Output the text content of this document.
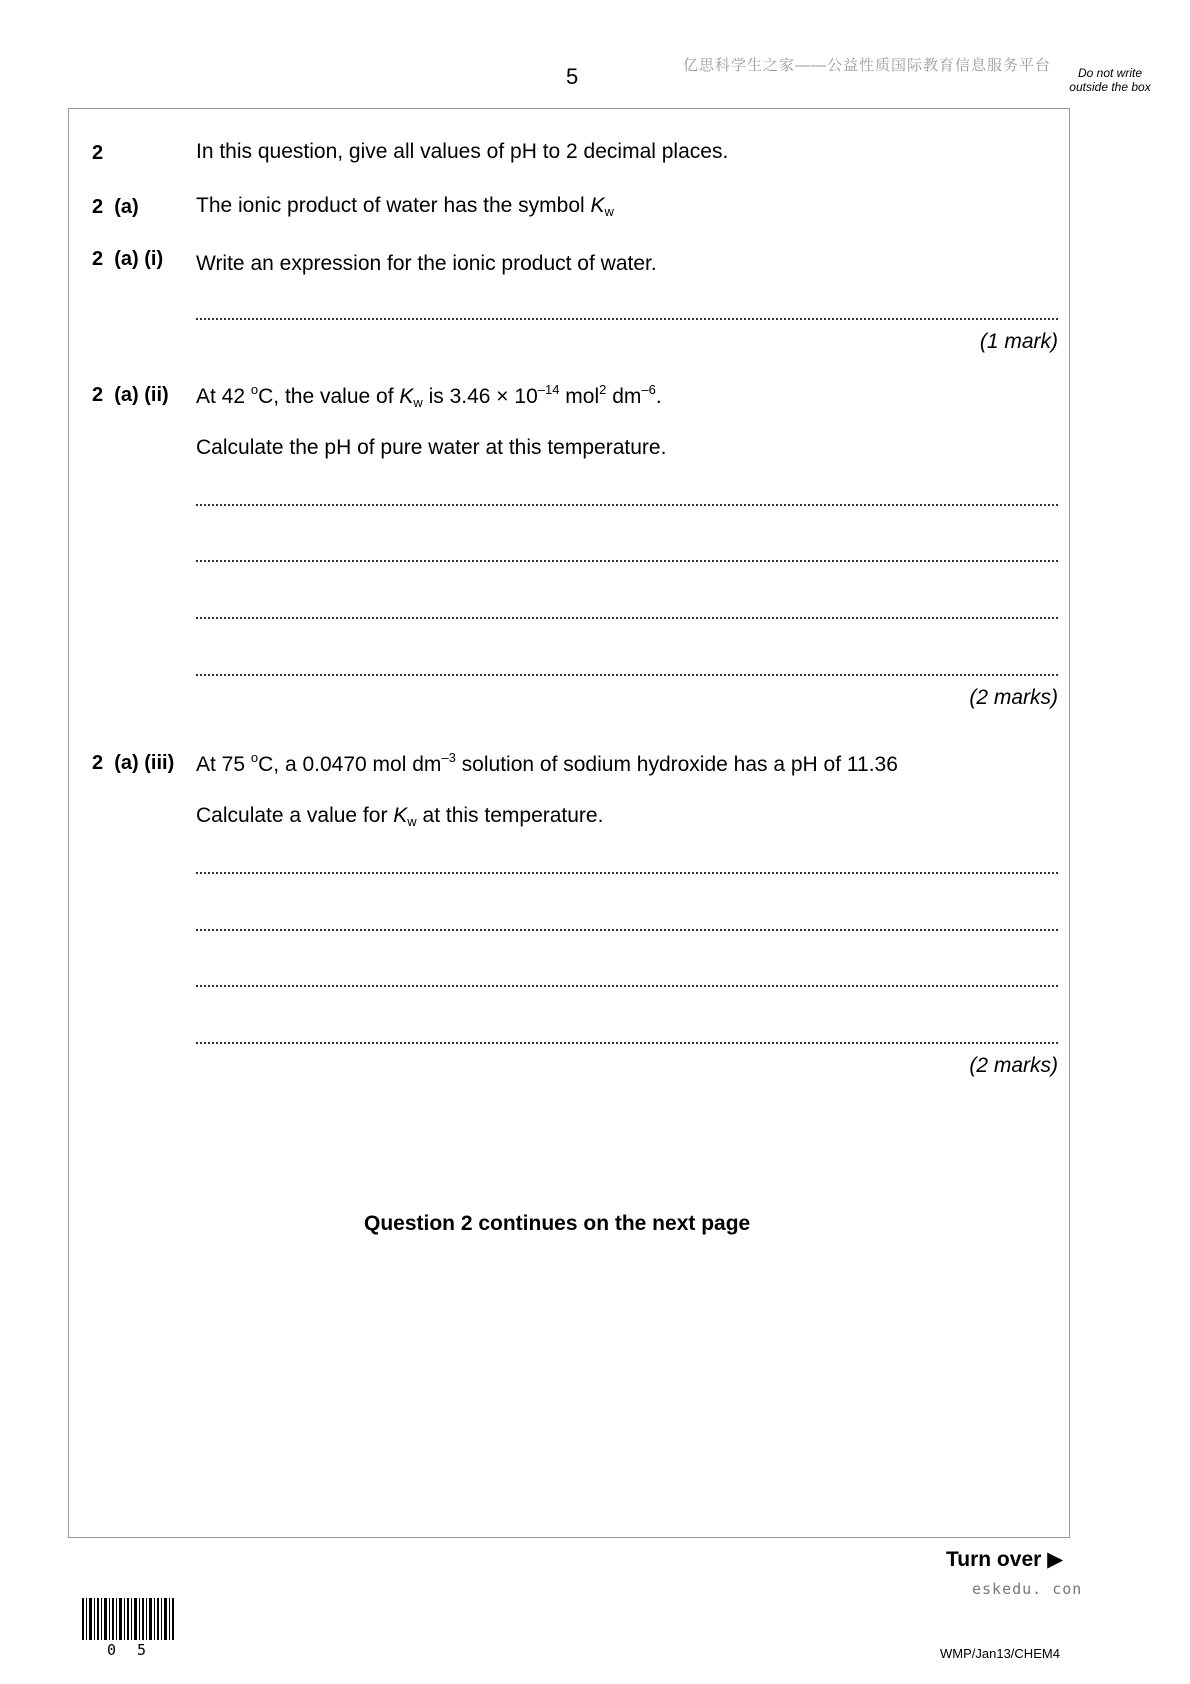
5	亿思科学生之家——公益性质国际教育信息服务平台	Do not write outside the box
2	In this question, give all values of pH to 2 decimal places.
2  (a)	The ionic product of water has the symbol $K_w$
2  (a) (i) Write an expression for the ionic product of water.
(1 mark)
2  (a) (ii) At 42 $^o$C, the value of $K_w$ is $3.46 \times 10^{-14}$ mol$^2$ $dm^{-6}$.
Calculate the pH of pure water at this temperature.
(2 marks)
2  (a) (iii) At 75 $^o$C, a 0.0470 mol $dm^{-3}$ solution of sodium hydroxide has a pH of 11.36
Calculate a value for $K_w$ at this temperature.
(2 marks)
Question 2 continues on the next page
Turn over ▶
eskedu. con
0 5	WMP/Jan13/CHEM4
